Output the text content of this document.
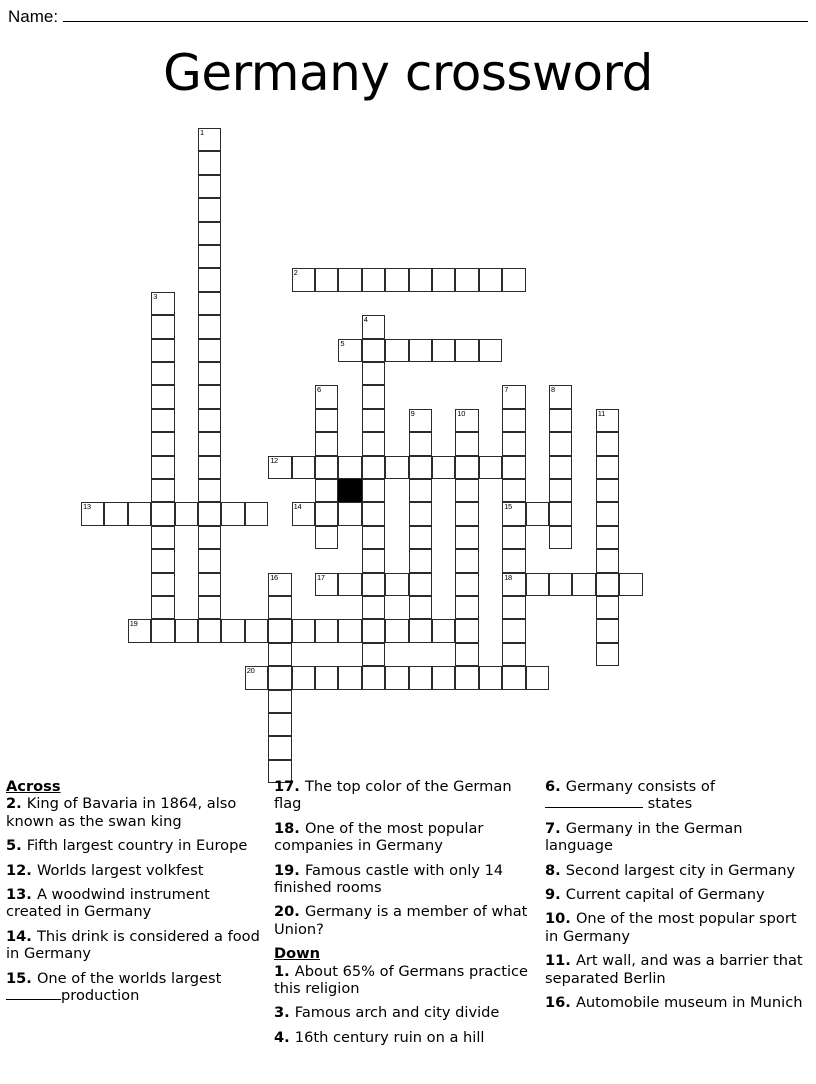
Name:
Germany crossword
1
2
3
4
5
6	7	8
9	10	11
12
13	14	15
16	17	18
19
20
Across
2. King of Bavaria in 1864, also known as the swan king
5. Fifth largest country in Europe
12. Worlds largest volkfest
13. A woodwind instrument created in Germany
14. This drink is considered a food in Germany
15. One of the worlds largest production
17. The top color of the German flag
18. One of the most popular companies in Germany
19. Famous castle with only 14 finished rooms
20. Germany is a member of what Union?
Down
1. About 65% of Germans practice this religion
3. Famous arch and city divide
4. 16th century ruin on a hill
6. Germany consists of  states
7. Germany in the German language
8. Second largest city in Germany
9. Current capital of Germany
10. One of the most popular sport in Germany
11. Art wall, and was a barrier that separated Berlin
16. Automobile museum in Munich
